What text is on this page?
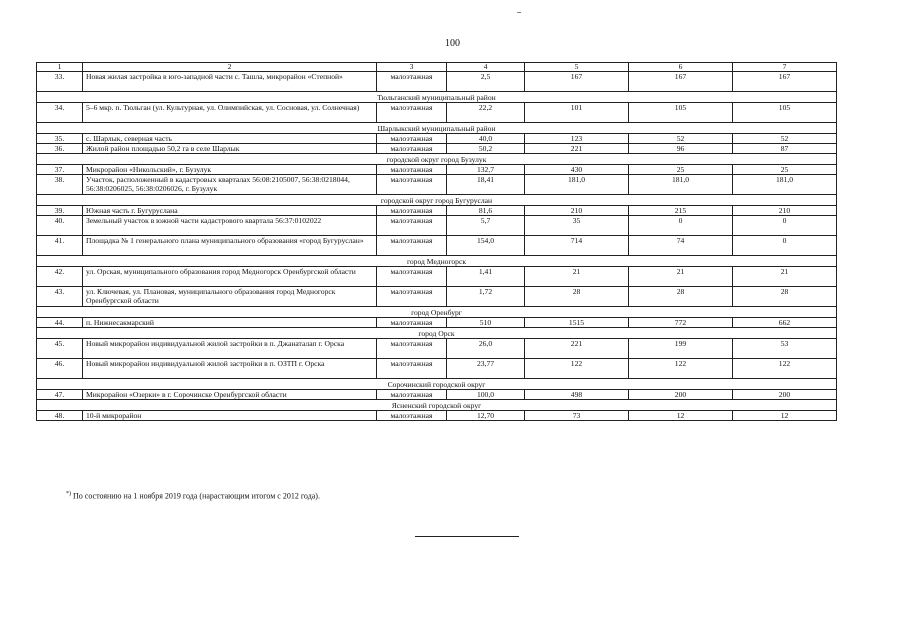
100
1	2	3	4	5	6	7
33.	Новая жилая застройка в юго-западной части с. Ташла, микрорайон «Степной»	малоэтажная	2,5	167	167	167
Тюльганский муниципальный район						
34.	5–6 мкр. п. Тюльган (ул. Культурная, ул. Олимпийская, ул. Сосновая, ул. Солнечная)	малоэтажная	22,2	101	105	105
Шарлыкский муниципальный район						
35.	с. Шарлык, северная часть	малоэтажная	40,0	123	52	52
36.	Жилой район площадью 50,2 га в селе Шарлык	малоэтажная	50,2	221	96	87
городской округ город Бузулук						
37.	Микрорайон «Никольский», г. Бузулук	малоэтажная	132,7	430	25	25
38.	Участок, расположенный в кадастровых кварталах 56:08:2105007, 56:38:0218044, 56:38:0206025, 56:38:0206026, г. Бузулук	малоэтажная	18,41	181,0	181,0	181,0
городской округ город Бугуруслан						
39.	Южная часть г. Бугуруслана	малоэтажная	81,6	210	215	210
40.	Земельный участок в южной части кадастрового квартала 56:37:0102022	малоэтажная	5,7	35	0	0
41.	Площадка № 1 генерального плана муниципального образования «город Бугуруслан»	малоэтажная	154,0	714	74	0
город Медногорск						
42.	ул. Орская, муниципального образования город Медногорск Оренбургской области	малоэтажная	1,41	21	21	21
43.	ул. Ключевая, ул. Плановая, муниципального образования город Медногорск Оренбургской области	малоэтажная	1,72	28	28	28
город Оренбург						
44.	п. Нижнесакмарский	малоэтажная	510	1515	772	662
город Орск						
45.	Новый микрорайон индивидуальной жилой застройки в п. Джанаталап г. Орска	малоэтажная	26,0	221	199	53
46.	Новый микрорайон индивидуальной жилой застройки в п. ОЗТП г. Орска	малоэтажная	23,77	122	122	122
Сорочинский городской округ						
47.	Микрорайон «Озерки» в г. Сорочинске Оренбургской области	малоэтажная	100,0	498	200	200
Ясненский городской округ						
48.	10-й микрорайон	малоэтажная	12,70	73	12	12
*) По состоянию на 1 ноября 2019 года (нарастающим итогом с 2012 года).
